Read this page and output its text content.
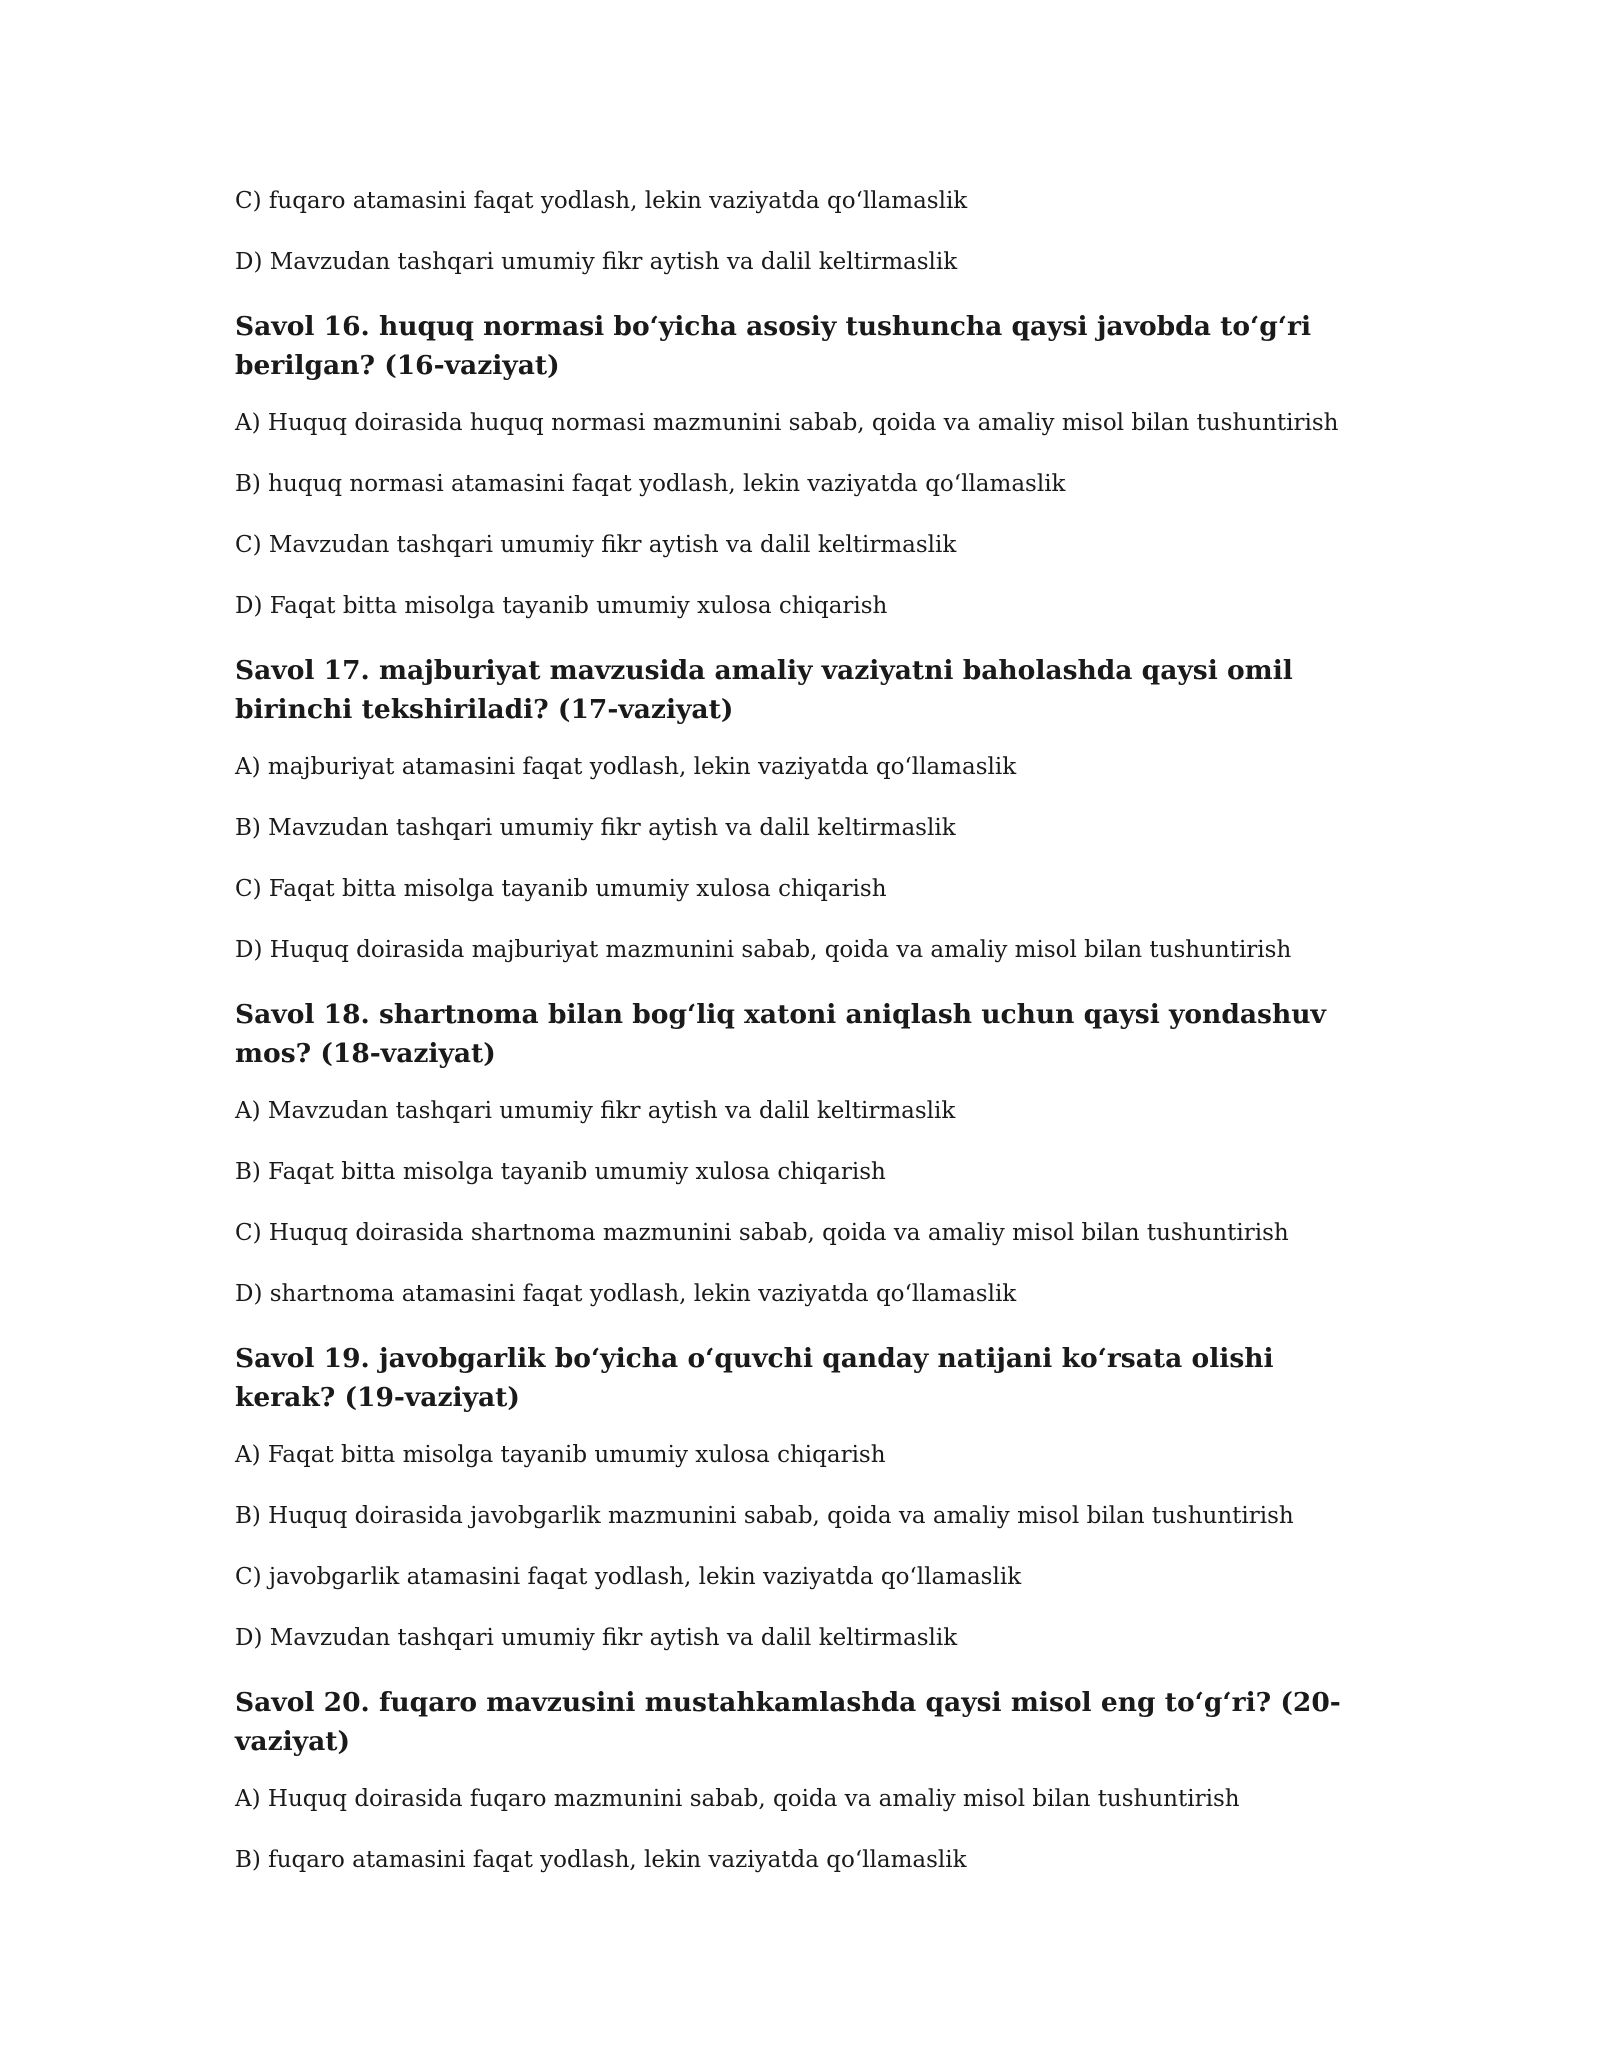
C) fuqaro atamasini faqat yodlash, lekin vaziyatda qoʻllamaslik

D) Mavzudan tashqari umumiy fikr aytish va dalil keltirmaslik

Savol 16. huquq normasi boʻyicha asosiy tushuncha qaysi javobda toʻgʻri berilgan? (16-vaziyat)

A) Huquq doirasida huquq normasi mazmunini sabab, qoida va amaliy misol bilan tushuntirish

B) huquq normasi atamasini faqat yodlash, lekin vaziyatda qoʻllamaslik

C) Mavzudan tashqari umumiy fikr aytish va dalil keltirmaslik

D) Faqat bitta misolga tayanib umumiy xulosa chiqarish

Savol 17. majburiyat mavzusida amaliy vaziyatni baholashda qaysi omil birinchi tekshiriladi? (17-vaziyat)

A) majburiyat atamasini faqat yodlash, lekin vaziyatda qoʻllamaslik

B) Mavzudan tashqari umumiy fikr aytish va dalil keltirmaslik

C) Faqat bitta misolga tayanib umumiy xulosa chiqarish

D) Huquq doirasida majburiyat mazmunini sabab, qoida va amaliy misol bilan tushuntirish

Savol 18. shartnoma bilan bogʻliq xatoni aniqlash uchun qaysi yondashuv mos? (18-vaziyat)

A) Mavzudan tashqari umumiy fikr aytish va dalil keltirmaslik

B) Faqat bitta misolga tayanib umumiy xulosa chiqarish

C) Huquq doirasida shartnoma mazmunini sabab, qoida va amaliy misol bilan tushuntirish

D) shartnoma atamasini faqat yodlash, lekin vaziyatda qoʻllamaslik

Savol 19. javobgarlik boʻyicha oʻquvchi qanday natijani koʻrsata olishi kerak? (19-vaziyat)

A) Faqat bitta misolga tayanib umumiy xulosa chiqarish

B) Huquq doirasida javobgarlik mazmunini sabab, qoida va amaliy misol bilan tushuntirish

C) javobgarlik atamasini faqat yodlash, lekin vaziyatda qoʻllamaslik

D) Mavzudan tashqari umumiy fikr aytish va dalil keltirmaslik

Savol 20. fuqaro mavzusini mustahkamlashda qaysi misol eng toʻgʻri? (20-vaziyat)

A) Huquq doirasida fuqaro mazmunini sabab, qoida va amaliy misol bilan tushuntirish

B) fuqaro atamasini faqat yodlash, lekin vaziyatda qoʻllamaslik
